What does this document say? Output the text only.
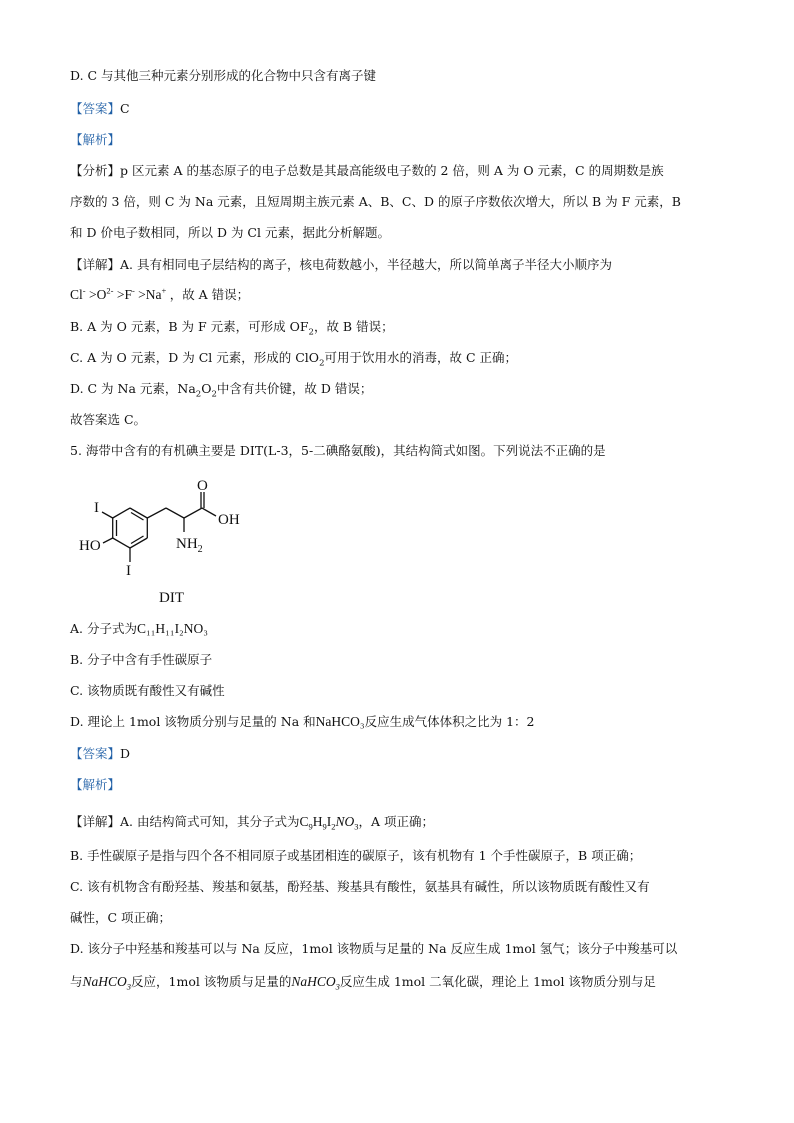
D. C 与其他三种元素分别形成的化合物中只含有离子键
【答案】C
【解析】
【分析】p 区元素 A 的基态原子的电子总数是其最高能级电子数的 2 倍，则 A 为 O 元素，C 的周期数是族
序数的 3 倍，则 C 为 Na 元素，且短周期主族元素 A、B、C、D 的原子序数依次增大，所以 B 为 F 元素，B
和 D 价电子数相同，所以 D 为 Cl 元素，据此分析解题。
【详解】A. 具有相同电子层结构的离子，核电荷数越小，半径越大，所以简单离子半径大小顺序为
$Cl^- >O^{2-} >F^- >Na^+$ ，故 A 错误；
B. A 为 O 元素，B 为 F 元素，可形成 $OF_2$，故 B 错误；
C. A 为 O 元素，D 为 Cl 元素，形成的 ClO$_2$可用于饮用水的消毒，故 C 正确；
D. C 为 Na 元素，$Na_2O_2$中含有共价键，故 D 错误；
故答案选 C。
5. 海带中含有的有机碘主要是 DIT(L-3，5-二碘酪氨酸)，其结构简式如图。下列说法不正确的是
I
HO
I
O
OH
$NH_2$
DIT
A. 分子式为C₁₁H₁₁I₂NO₃
B. 分子中含有手性碳原子
C. 该物质既有酸性又有碱性
D. 理论上 1mol 该物质分别与足量的 Na 和NaHCO₃反应生成气体体积之比为 1：2
【答案】D
【解析】
【详解】A. 由结构简式可知，其分子式为$C_9H_9I_2NO_3$，A 项正确；
B. 手性碳原子是指与四个各不相同原子或基团相连的碳原子，该有机物有 1 个手性碳原子，B 项正确；
C. 该有机物含有酚羟基、羧基和氨基，酚羟基、羧基具有酸性，氨基具有碱性，所以该物质既有酸性又有
碱性，C 项正确；
D. 该分子中羟基和羧基可以与 Na 反应，1mol 该物质与足量的 Na 反应生成 1mol 氢气；该分子中羧基可以
与NaHCO$_3$反应，1mol 该物质与足量的NaHCO$_3$反应生成 1mol 二氧化碳，理论上 1mol 该物质分别与足
